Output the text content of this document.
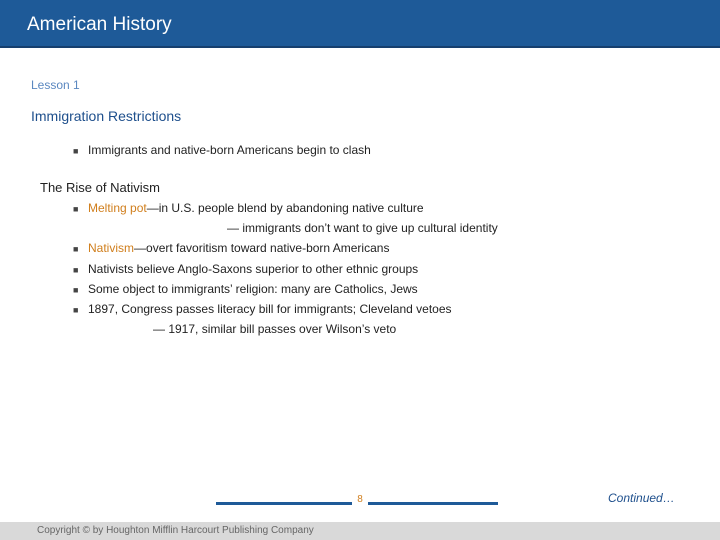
American History
Lesson 1
Immigration Restrictions
■ Immigrants and native-born Americans begin to clash
The Rise of Nativism
■ Melting pot—in U.S. people blend by abandoning native culture
— immigrants don’t want to give up cultural identity
■ Nativism—overt favoritism toward native-born Americans
■ Nativists believe Anglo-Saxons superior to other ethnic groups
■ Some object to immigrants’ religion: many are Catholics, Jews
■ 1897, Congress passes literacy bill for immigrants; Cleveland vetoes
— 1917, similar bill passes over Wilson’s veto
8	Continued…
Copyright © by Houghton Mifflin Harcourt Publishing Company
